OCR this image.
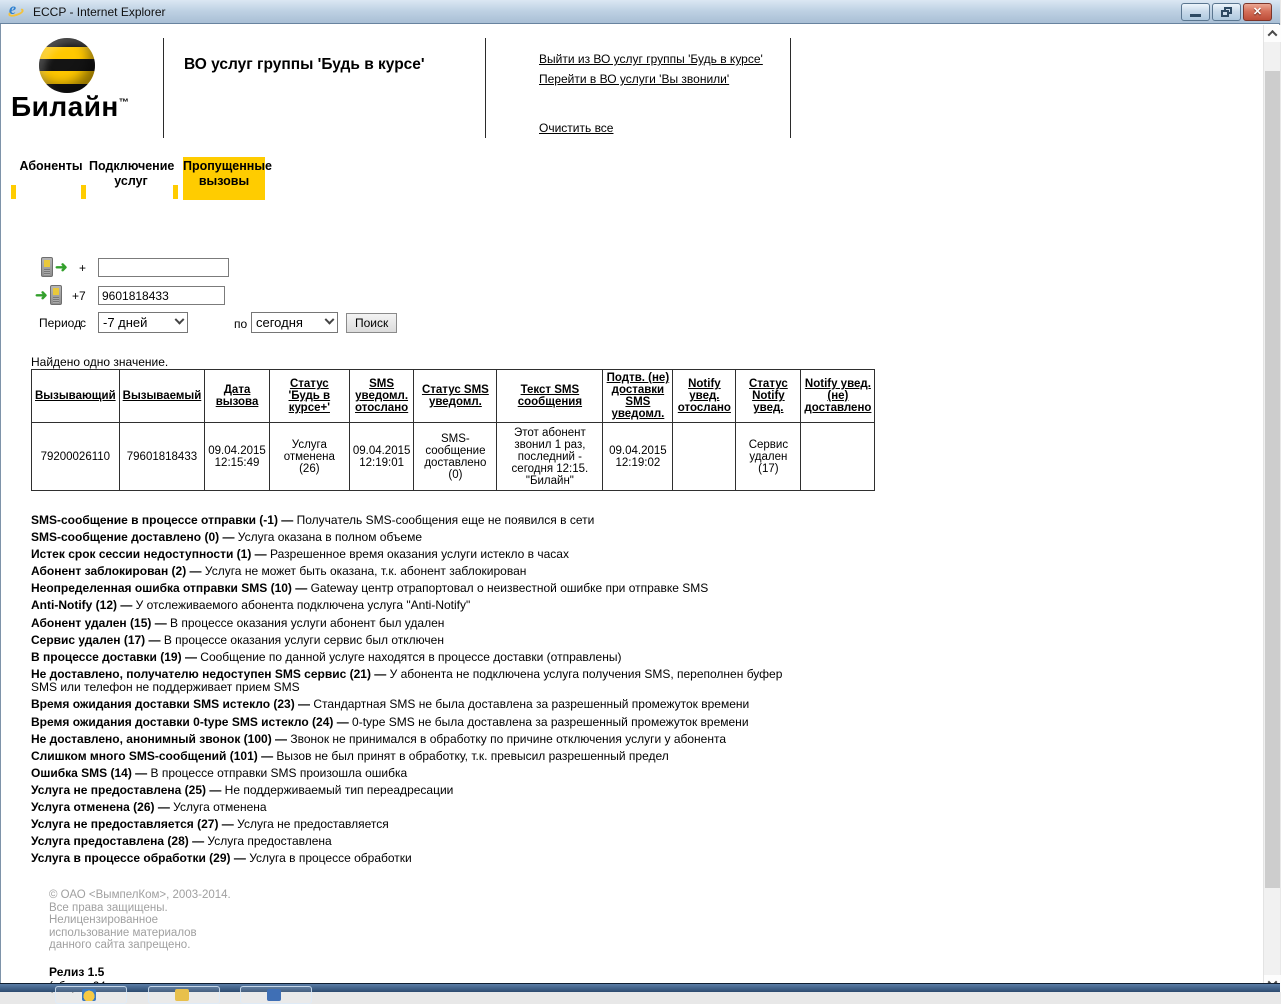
e ECCP - Internet Explorer	✕
Билайн™
ВО услуг группы 'Будь в курсе'	Выйти из ВО услуг группы 'Будь в курсе'
Перейти в ВО услуги 'Вы звонили'
Очистить все
Абоненты Подключение услуг
Пропущенные вызовы
➜ +
➜ +7
9601818433
Период
с -7 дней	по сегодня	Поиск
Найдено одно значение.
Вызывающий	Вызываемый	Дата вызова	Статус 'Будь в курсе+'	SMS уведомл. отослано	Статус SMS уведомл.	Текст SMS сообщения	Подтв. (не) доставки SMS уведомл.	Notify увед. отослано	Статус Notify увед.	Notify увед. (не) доставлено
79200026110	79601818433	09.04.2015 12:15:49	Услуга отменена (26)	09.04.2015 12:19:01	SMS-сообщение доставлено (0)	Этот абонент звонил 1 раз, последний - сегодня 12:15. "Билайн"	09.04.2015 12:19:02		Сервис удален (17)	
SMS-сообщение в процессе отправки (-1) — Получатель SMS-сообщения еще не появился в сети
SMS-сообщение доставлено (0) — Услуга оказана в полном объеме
Истек срок сессии недоступности (1) — Разрешенное время оказания услуги истекло в часах
Абонент заблокирован (2) — Услуга не может быть оказана, т.к. абонент заблокирован
Неопределенная ошибка отправки SMS (10) — Gateway центр отрапортовал о неизвестной ошибке при отправке SMS
Anti-Notify (12) — У отслеживаемого абонента подключена услуга "Anti-Notify"
Абонент удален (15) — В процессе оказания услуги абонент был удален
Сервис удален (17) — В процессе оказания услуги сервис был отключен
В процессе доставки (19) — Сообщение по данной услуге находятся в процессе доставки (отправлены)
Не доставлено, получателю недоступен SMS сервис (21) — У абонента не подключена услуга получения SMS, переполнен буфер SMS или телефон не поддерживает прием SMS
Время ожидания доставки SMS истекло (23) — Стандартная SMS не была доставлена за разрешенный промежуток времени
Время ожидания доставки 0-type SMS истекло (24) — 0-type SMS не была доставлена за разрешенный промежуток времени
Не доставлено, анонимный звонок (100) — Звонок не принимался в обработку по причине отключения услуги у абонента
Слишком много SMS-сообщений (101) — Вызов не был принят в обработку, т.к. превысил разрешенный предел
Ошибка SMS (14) — В процессе отправки SMS произошла ошибка
Услуга не предоставлена (25) — Не поддерживаемый тип переадресации
Услуга отменена (26) — Услуга отменена
Услуга не предоставляется (27) — Услуга не предоставляется
Услуга предоставлена (28) — Услуга предоставлена
Услуга в процессе обработки (29) — Услуга в процессе обработки
© ОАО <ВымпелКом>, 2003-2014.
Все права защищены.
Нелицензированное
использование материалов
данного сайта запрещено.
Релиз 1.5
